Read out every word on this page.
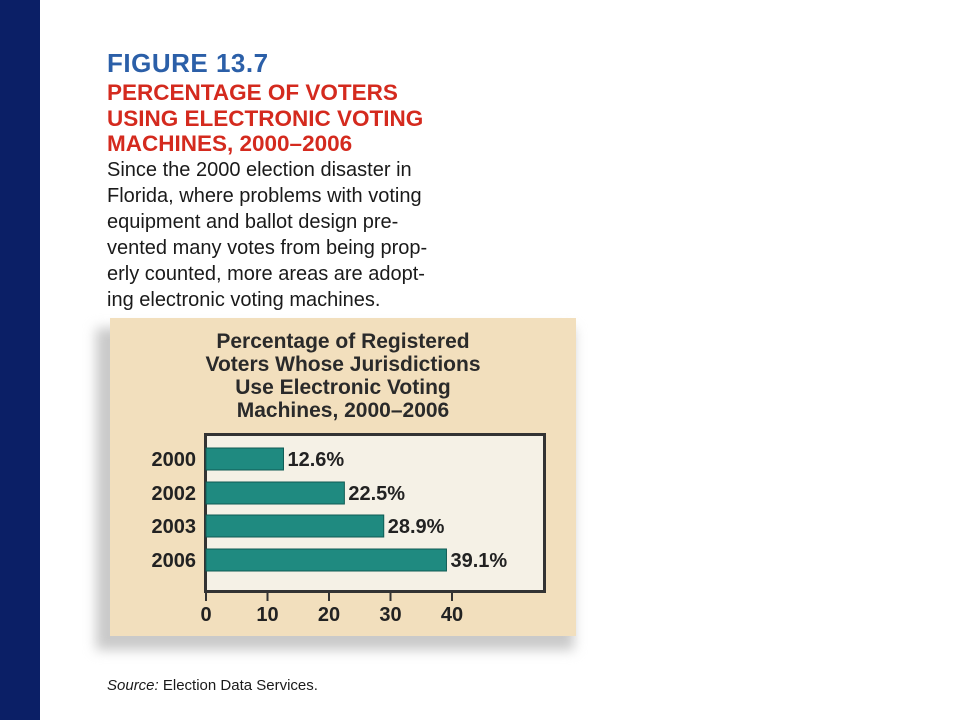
FIGURE 13.7
PERCENTAGE OF VOTERS
USING ELECTRONIC VOTING
MACHINES, 2000–2006
Since the 2000 election disaster in
Florida, where problems with voting
equipment and ballot design pre-
vented many votes from being prop-
erly counted, more areas are adopt-
ing electronic voting machines.
Percentage of Registered
Voters Whose Jurisdictions
Use Electronic Voting
Machines, 2000–2006
2000	12.6%
2002	22.5%
2003	28.9%
2006	39.1%
0 10 20 30 40
Source: Election Data Services.
